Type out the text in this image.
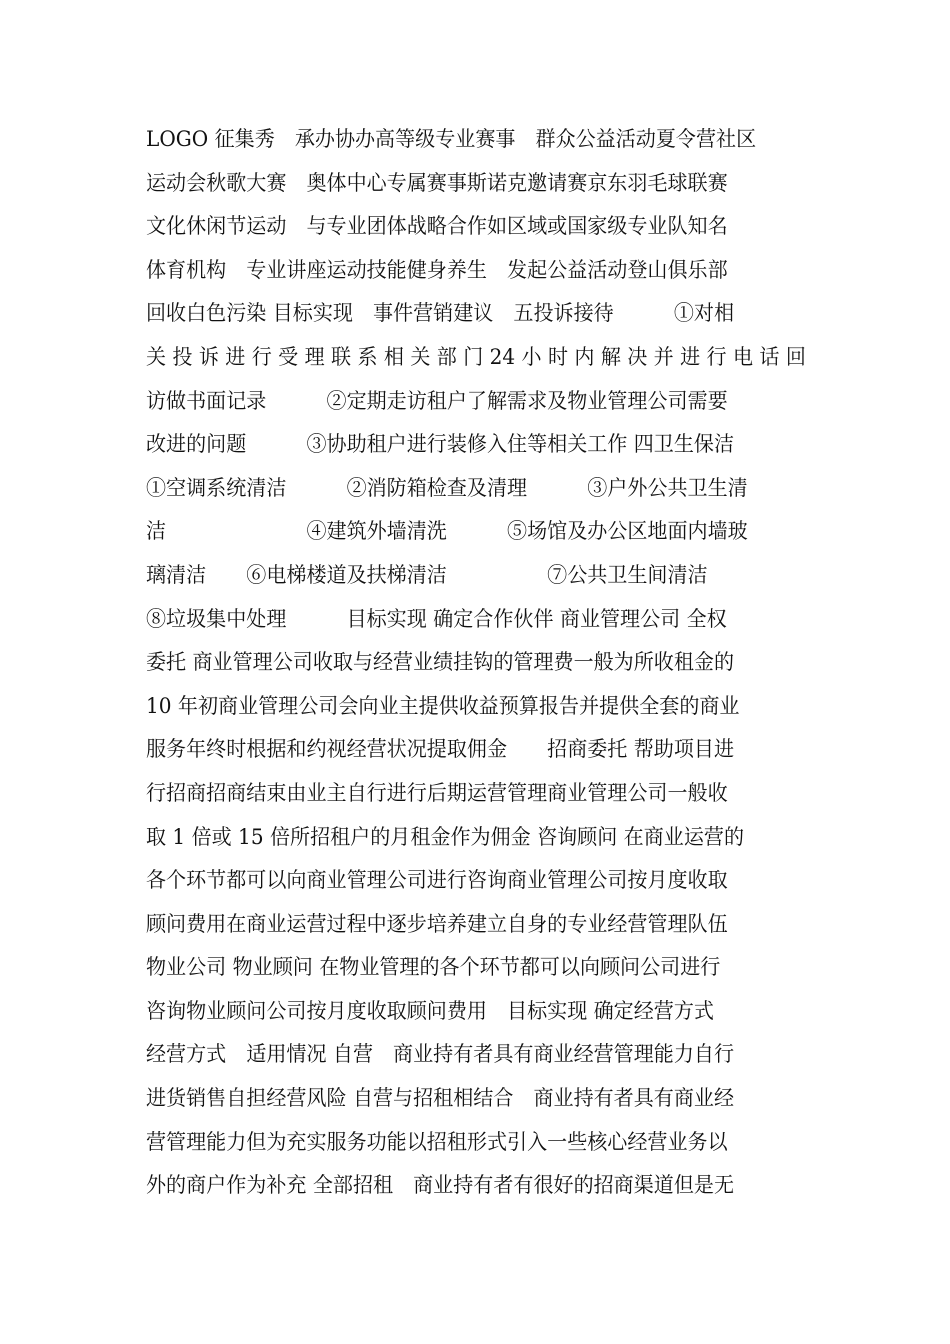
LOGO 征集秀　承办协办高等级专业赛事　群众公益活动夏令营社区
运动会秋歌大赛　奥体中心专属赛事斯诺克邀请赛京东羽毛球联赛
文化休闲节运动　与专业团体战略合作如区域或国家级专业队知名
体育机构　专业讲座运动技能健身养生　发起公益活动登山俱乐部
回收白色污染 目标实现　事件营销建议　五投诉接待　　　①对相
关 投 诉 进 行 受 理 联 系 相 关 部 门 24 小 时 内 解 决 并 进 行 电 话 回
访做书面记录　　　②定期走访租户了解需求及物业管理公司需要
改进的问题　　　③协助租户进行装修入住等相关工作 四卫生保洁
①空调系统清洁　　　②消防箱检查及清理　　　③户外公共卫生清
洁　　　　　　　④建筑外墙清洗　　　⑤场馆及办公区地面内墙玻
璃清洁　　⑥电梯楼道及扶梯清洁　　　　　⑦公共卫生间清洁
⑧垃圾集中处理　　　目标实现 确定合作伙伴 商业管理公司 全权
委托 商业管理公司收取与经营业绩挂钩的管理费一般为所收租金的
10 年初商业管理公司会向业主提供收益预算报告并提供全套的商业
服务年终时根据和约视经营状况提取佣金　　招商委托 帮助项目进
行招商招商结束由业主自行进行后期运营管理商业管理公司一般收
取 1 倍或 15 倍所招租户的月租金作为佣金 咨询顾问 在商业运营的
各个环节都可以向商业管理公司进行咨询商业管理公司按月度收取
顾问费用在商业运营过程中逐步培养建立自身的专业经营管理队伍
物业公司 物业顾问 在物业管理的各个环节都可以向顾问公司进行
咨询物业顾问公司按月度收取顾问费用　目标实现 确定经营方式
经营方式　适用情况 自营　商业持有者具有商业经营管理能力自行
进货销售自担经营风险 自营与招租相结合　商业持有者具有商业经
营管理能力但为充实服务功能以招租形式引入一些核心经营业务以
外的商户作为补充 全部招租　商业持有者有很好的招商渠道但是无
